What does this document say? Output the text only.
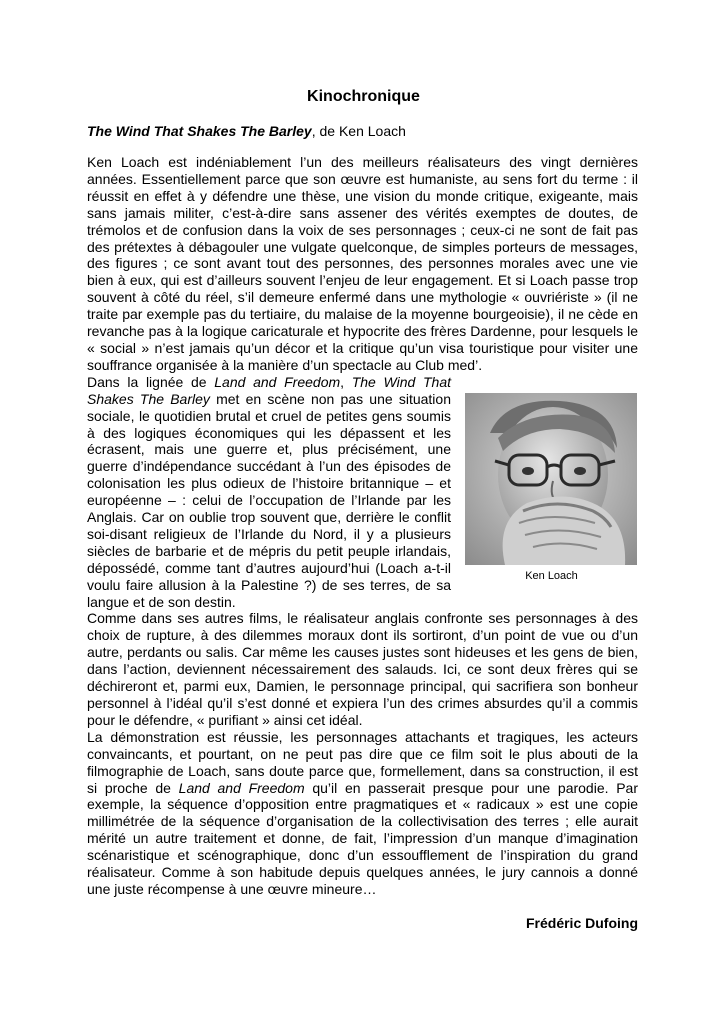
Kinochronique
The Wind That Shakes The Barley, de Ken Loach

Ken Loach est indéniablement l’un des meilleurs réalisateurs des vingt dernières années. Essentiellement parce que son œuvre est humaniste, au sens fort du terme : il réussit en effet à y défendre une thèse, une vision du monde critique, exigeante, mais sans jamais militer, c’est-à-dire sans assener des vérités exemptes de doutes, de trémolos et de confusion dans la voix de ses personnages ; ceux-ci ne sont de fait pas des prétextes à débagouler une vulgate quelconque, de simples porteurs de messages, des figures ; ce sont avant tout des personnes, des personnes morales avec une vie bien à eux, qui est d’ailleurs souvent l’enjeu de leur engagement. Et si Loach passe trop souvent à côté du réel, s’il demeure enfermé dans une mythologie « ouvriériste » (il ne traite par exemple pas du tertiaire, du malaise de la moyenne bourgeoisie), il ne cède en revanche pas à la logique caricaturale et hypocrite des frères Dardenne, pour lesquels le « social » n’est jamais qu’un décor et la critique qu’un visa touristique pour visiter une souffrance organisée à la manière d’un spectacle au Club med’.

Ken Loach

Dans la lignée de Land and Freedom, The Wind That Shakes The Barley met en scène non pas une situation sociale, le quotidien brutal et cruel de petites gens soumis à des logiques économiques qui les dépassent et les écrasent, mais une guerre et, plus précisément, une guerre d’indépendance succédant à l’un des épisodes de colonisation les plus odieux de l’histoire britannique – et européenne – : celui de l’occupation de l’Irlande par les Anglais. Car on oublie trop souvent que, derrière le conflit soi-disant religieux de l’Irlande du Nord, il y a plusieurs siècles de barbarie et de mépris du petit peuple irlandais, dépossédé, comme tant d’autres aujourd’hui (Loach a-t-il voulu faire allusion à la Palestine ?) de ses terres, de sa langue et de son destin.

Comme dans ses autres films, le réalisateur anglais confronte ses personnages à des choix de rupture, à des dilemmes moraux dont ils sortiront, d’un point de vue ou d’un autre, perdants ou salis. Car même les causes justes sont hideuses et les gens de bien, dans l’action, deviennent nécessairement des salauds. Ici, ce sont deux frères qui se déchireront et, parmi eux, Damien, le personnage principal, qui sacrifiera son bonheur personnel à l’idéal qu’il s’est donné et expiera l’un des crimes absurdes qu’il a commis pour le défendre, « purifiant » ainsi cet idéal.

La démonstration est réussie, les personnages attachants et tragiques, les acteurs convaincants, et pourtant, on ne peut pas dire que ce film soit le plus abouti de la filmographie de Loach, sans doute parce que, formellement, dans sa construction, il est si proche de Land and Freedom qu’il en passerait presque pour une parodie. Par exemple, la séquence d’opposition entre pragmatiques et « radicaux » est une copie millimétrée de la séquence d’organisation de la collectivisation des terres ; elle aurait mérité un autre traitement et donne, de fait, l’impression d’un manque d’imagination scénaristique et scénographique, donc d’un essoufflement de l’inspiration du grand réalisateur. Comme à son habitude depuis quelques années, le jury cannois a donné une juste récompense à une œuvre mineure…

Frédéric Dufoing
